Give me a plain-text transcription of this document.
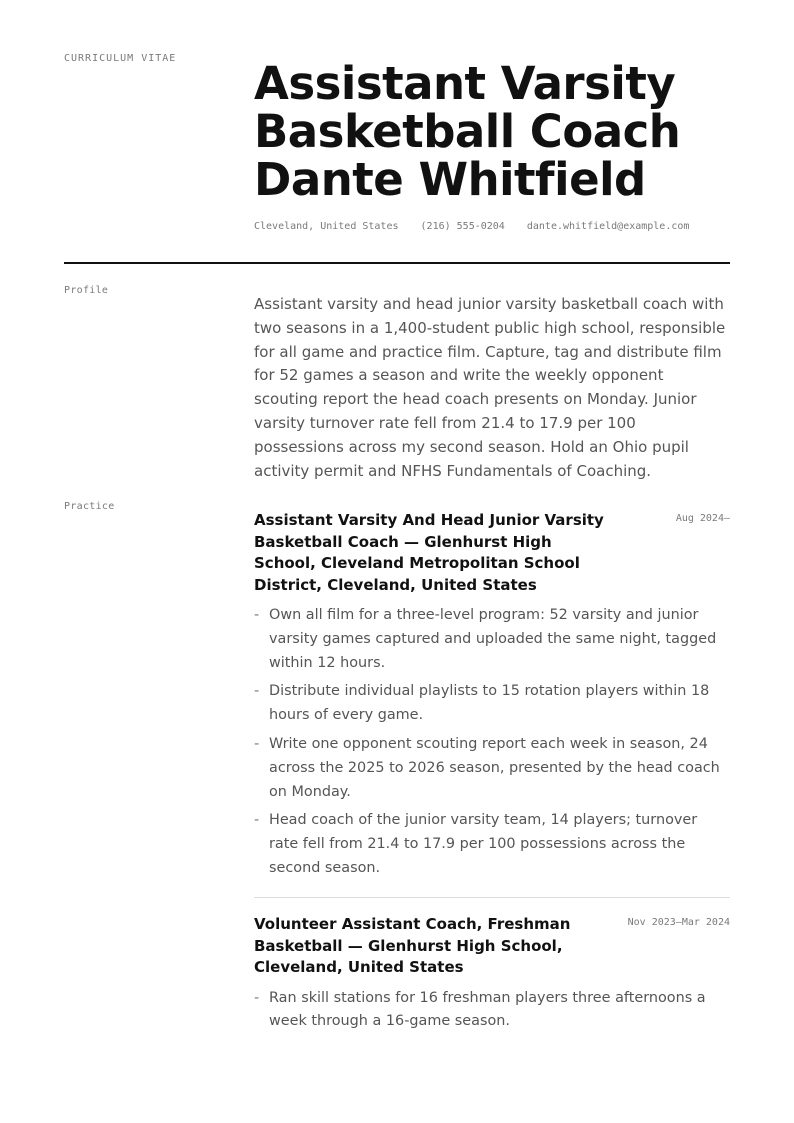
CURRICULUM VITAE Assistant Varsity
Basketball Coach
Dante Whitfield
Cleveland, United States (216) 555-0204 dante.whitfield@example.com
Profile

Assistant varsity and head junior varsity basketball coach with two seasons in a 1,400-student public high school, responsible for all game and practice film. Capture, tag and distribute film for 52 games a season and write the weekly opponent scouting report the head coach presents on Monday. Junior varsity turnover rate fell from 21.4 to 17.9 per 100 possessions across my second season. Hold an Ohio pupil activity permit and NFHS Fundamentals of Coaching.

Practice
Assistant Varsity And Head Junior Varsity Basketball Coach — Glenhurst High School, Cleveland Metropolitan School District, Cleveland, United States
Aug 2024–
- Own all film for a three-level program: 52 varsity and junior varsity games captured and uploaded the same night, tagged within 12 hours.
- Distribute individual playlists to 15 rotation players within 18 hours of every game.
- Write one opponent scouting report each week in season, 24 across the 2025 to 2026 season, presented by the head coach on Monday.
- Head coach of the junior varsity team, 14 players; turnover rate fell from 21.4 to 17.9 per 100 possessions across the second season.
Volunteer Assistant Coach, Freshman Basketball — Glenhurst High School, Cleveland, United States
Nov 2023–Mar 2024
- Ran skill stations for 16 freshman players three afternoons a week through a 16-game season.
